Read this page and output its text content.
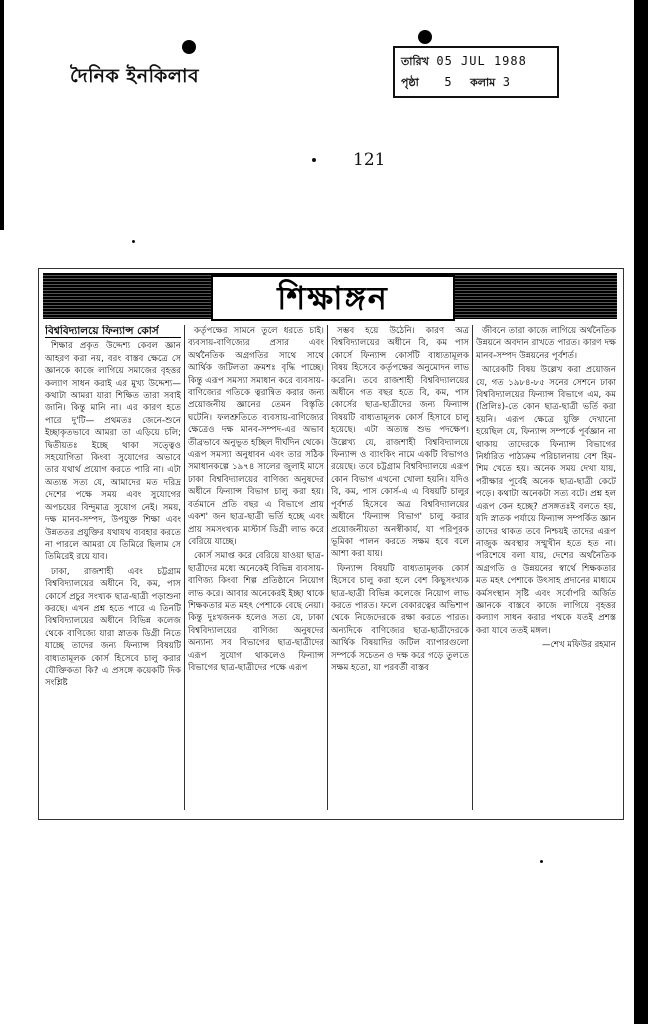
দৈনিক ইনকিলাব
তারিখ 05 JUL 1988
পৃষ্ঠা 5 কলাম 3
121
শিক্ষাঙ্গন

বিশ্ববিদ্যালয়ে ফিন্যান্স কোর্স

শিক্ষার প্রকৃত উদ্দেশ্য কেবল জ্ঞান আহরণ করা নয়, বরং বাস্তব ক্ষেত্রে সে জ্ঞানকে কাজে লাগিয়ে সমাজের বৃহত্তর কল্যাণ সাধন করাই এর মুখ্য উদ্দেশ্য— কথাটা আমরা যারা শিক্ষিত তারা সবাই জানি। কিন্তু মানি না। এর কারণ হতে পারে দু'টি— প্রথমতঃ জেনে-শুনে ইচ্ছাকৃতভাবে আমরা তা এড়িয়ে চলি; দ্বিতীয়তঃ ইচ্ছে থাকা সত্ত্বেও সহযোগিতা কিংবা সুযোগের অভাবে তার যথার্থ প্রয়োগ করতে পারি না। এটা অত্যন্ত সত্য যে, আমাদের মত দরিদ্র দেশের পক্ষে সময় এবং সুযোগের অপচয়ের বিন্দুমাত্র সুযোগ নেই। সময়, দক্ষ মানব-সম্পদ, উপযুক্ত শিক্ষা এবং উন্নততর প্রযুক্তির যথাযথ ব্যবহার করতে না পারলে আমরা যে তিমিরে ছিলাম সে তিমিরেই রয়ে যাব।

ঢাকা, রাজশাহী এবং চট্টগ্রাম বিশ্ববিদ্যালয়ের অধীনে বি, কম, পাস কোর্সে প্রচুর সংখ্যক ছাত্র-ছাত্রী পড়াশুনা করছে। এখন প্রশ্ন হতে পারে এ তিনটি বিশ্ববিদ্যালয়ের অধীনে বিভিন্ন কলেজ থেকে বাণিজ্যে যারা স্নাতক ডিগ্রী নিতে যাচ্ছে তাদের জন্য ফিন্যান্স বিষয়টি বাধ্যতামূলক কোর্স হিসেবে চালু করার যৌক্তিকতা কি? এ প্রসঙ্গে কয়েকটি দিক সংশ্লিষ্ট

কর্তৃপক্ষের সামনে তুলে ধরতে চাই। ব্যবসায়-বাণিজ্যের প্রসার এবং অর্থনৈতিক অগ্রগতির সাথে সাথে আর্থিক জটিলতা ক্রমশঃ বৃদ্ধি পাচ্ছে। কিন্তু এরূপ সমস্যা সমাধান করে ব্যবসায়-বাণিজ্যের গতিকে ত্বরান্বিত করার জন্য প্রয়োজনীয় জ্ঞানের তেমন বিস্তৃতি ঘটেনি। ফলশ্রুতিতে ব্যবসায়-বাণিজ্যের ক্ষেত্রেও দক্ষ মানব-সম্পদ-এর অভাব তীব্রভাবে অনুভূত হচ্ছিল দীর্ঘদিন থেকে। এরূপ সমস্যা অনুধাবন এবং তার সঠিক সমাধানকল্পে ১৯৭৪ সালের জুলাই মাসে ঢাকা বিশ্ববিদ্যালয়ের বাণিজ্য অনুষদের অধীনে ফিন্যান্স বিভাগ চালু করা হয়। বর্তমানে প্রতি বছর এ বিভাগে প্রায় একশ' জন ছাত্র-ছাত্রী ভর্তি হচ্ছে এবং প্রায় সমসংখ্যক মাস্টার্স ডিগ্রী লাভ করে বেরিয়ে যাচ্ছে।

কোর্স সমাপ্ত করে বেরিয়ে যাওয়া ছাত্র-ছাত্রীদের মধ্যে অনেকেই বিভিন্ন ব্যবসায়-বাণিজ্য কিংবা শিল্প প্রতিষ্ঠানে নিয়োগ লাভ করে। আবার অনেকেরই ইচ্ছা থাকে শিক্ষকতার মত মহৎ পেশাকে বেছে নেয়া। কিন্তু দুঃখজনক হলেও সত্য যে, ঢাকা বিশ্ববিদ্যালয়ের বাণিজ্য অনুষদের অন্যান্য সব বিভাগের ছাত্র-ছাত্রীদের এরূপ সুযোগ থাকলেও ফিন্যান্স বিভাগের ছাত্র-ছাত্রীদের পক্ষে এরূপ

সম্ভব হয়ে উঠেনি। কারণ অত্র বিশ্ববিদ্যালয়ের অধীনে বি, কম পাস কোর্সে ফিন্যান্স কোর্সটি বাধ্যতামূলক বিষয় হিসেবে কর্তৃপক্ষের অনুমোদন লাভ করেনি। তবে রাজশাহী বিশ্ববিদ্যালয়ের অধীনে গত বছর হতে বি, কম, পাস কোর্সের ছাত্র-ছাত্রীদের জন্য ফিন্যান্স বিষয়টি বাধ্যতামূলক কোর্স হিসাবে চালু হয়েছে। এটা অত্যন্ত শুভ পদক্ষেপ। উল্লেখ্য যে, রাজশাহী বিশ্ববিদ্যালয়ে ফিন্যান্স ও ব্যাংকিং নামে একটি বিভাগও রয়েছে। তবে চট্টগ্রাম বিশ্ববিদ্যালয়ে এরূপ কোন বিভাগ এখনো খোলা হয়নি। যদিও বি, কম, পাস কোর্স-এ এ বিষয়টি চালুর পূর্বশর্ত হিসেবে অত্র বিশ্ববিদ্যালয়ের অধীনে 'ফিন্যান্স বিভাগ' চালু করার প্রয়োজনীয়তা অনস্বীকার্য, যা পরিপূরক ভূমিকা পালন করতে সক্ষম হবে বলে আশা করা যায়।

ফিন্যান্স বিষয়টি বাধ্যতামূলক কোর্স হিসেবে চালু করা হলে বেশ কিছুসংখ্যক ছাত্র-ছাত্রী বিভিন্ন কলেজে নিয়োগ লাভ করতে পারত। ফলে বেকারত্বের অভিশাপ থেকে নিজেদেরকে রক্ষা করতে পারত। অন্যদিকে বাণিজ্যের ছাত্র-ছাত্রীদেরকে আর্থিক বিষয়াদির জটিল ব্যাপারগুলো সম্পর্কে সচেতন ও দক্ষ করে গড়ে তুলতে সক্ষম হতো, যা পরবর্তী বাস্তব

জীবনে তারা কাজে লাগিয়ে অর্থনৈতিক উন্নয়নে অবদান রাখতে পারত। কারণ দক্ষ মানব-সম্পদ উন্নয়নের পূর্বশর্ত।

আরেকটি বিষয় উল্লেখ করা প্রয়োজন যে, গত ১৯৮৪-৮৫ সনের সেশনে ঢাকা বিশ্ববিদ্যালয়ের ফিন্যান্স বিভাগে এম, কম (প্রিলিঃ)-তে কোন ছাত্র-ছাত্রী ভর্তি করা হয়নি। এরূপ ক্ষেত্রে যুক্তি দেখানো হয়েছিল যে, ফিন্যান্স সম্পর্কে পূর্বজ্ঞান না থাকায় তাদেরকে ফিন্যান্স বিভাগের নির্ধারিত পাঠ্যক্রম পরিচালনায় বেশ হিম-শিম খেতে হয়। অনেক সময় দেখা যায়, পরীক্ষার পূর্বেই অনেক ছাত্র-ছাত্রী কেটে পড়ে। কথাটা অনেকটা সত্য বটে। প্রশ্ন হল এরূপ কেন হচ্ছে? প্রসঙ্গতঃই বলতে হয়, যদি স্নাতক পর্যায়ে ফিন্যান্স সম্পর্কিত জ্ঞান তাদের থাকত তবে নিশ্চয়ই তাদের এরূপ নাজুক অবস্থার সম্মুখীন হতে হত না। পরিশেষে বলা যায়, দেশের অর্থনৈতিক অগ্রগতি ও উন্নয়নের স্বার্থে শিক্ষকতার মত মহৎ পেশাকে উৎসাহ প্রদানের মাধ্যমে কর্মসংস্থান সৃষ্টি এবং সর্বোপরি অর্জিত জ্ঞানকে বাস্তবে কাজে লাগিয়ে বৃহত্তর কল্যাণ সাধন করার পথকে যতই প্রশস্ত করা যাবে ততই মঙ্গল।

—শেখ মফিউর রহমান
